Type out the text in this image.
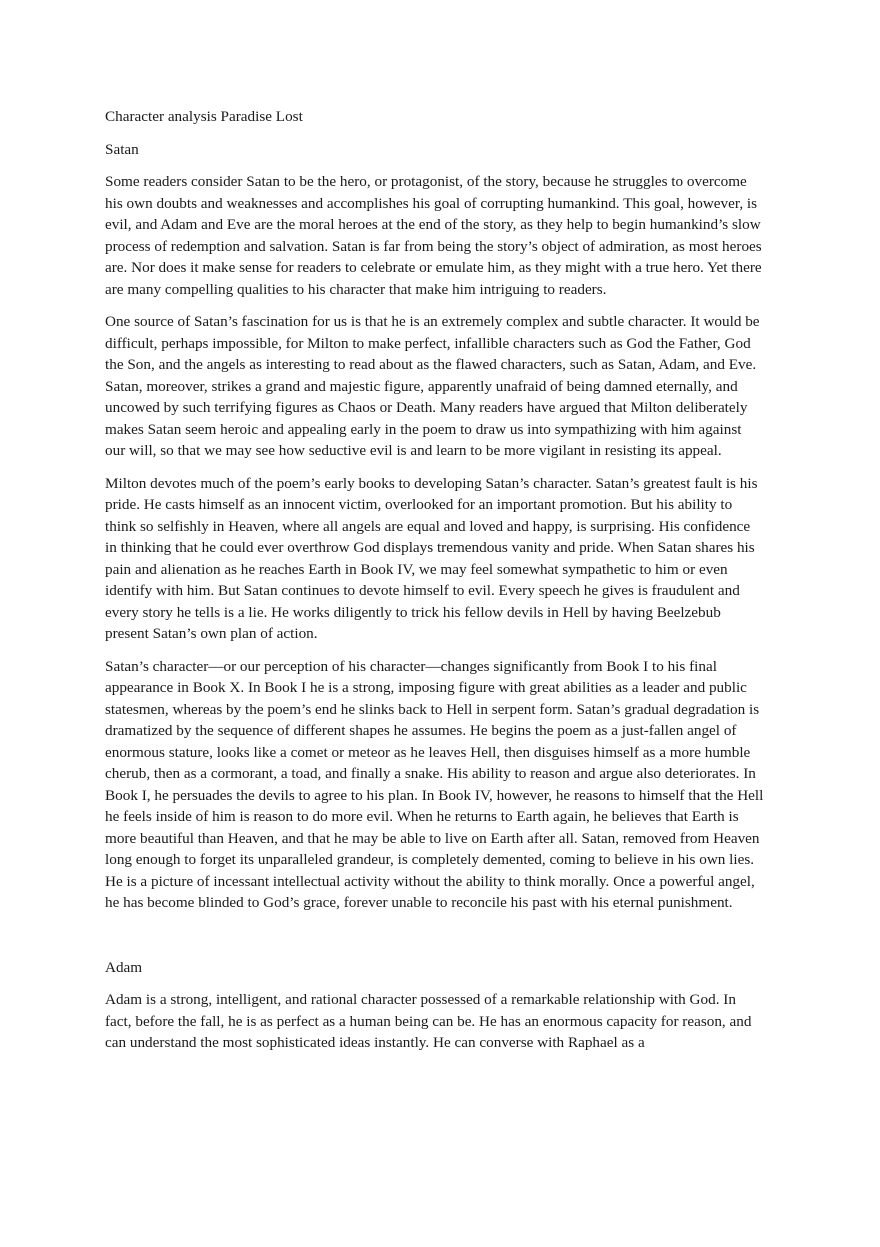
Character analysis Paradise Lost

Satan

Some readers consider Satan to be the hero, or protagonist, of the story, because he struggles to overcome his own doubts and weaknesses and accomplishes his goal of corrupting humankind. This goal, however, is evil, and Adam and Eve are the moral heroes at the end of the story, as they help to begin humankind’s slow process of redemption and salvation. Satan is far from being the story’s object of admiration, as most heroes are. Nor does it make sense for readers to celebrate or emulate him, as they might with a true hero. Yet there are many compelling qualities to his character that make him intriguing to readers.

One source of Satan’s fascination for us is that he is an extremely complex and subtle character. It would be difficult, perhaps impossible, for Milton to make perfect, infallible characters such as God the Father, God the Son, and the angels as interesting to read about as the flawed characters, such as Satan, Adam, and Eve. Satan, moreover, strikes a grand and majestic figure, apparently unafraid of being damned eternally, and uncowed by such terrifying figures as Chaos or Death. Many readers have argued that Milton deliberately makes Satan seem heroic and appealing early in the poem to draw us into sympathizing with him against our will, so that we may see how seductive evil is and learn to be more vigilant in resisting its appeal.

Milton devotes much of the poem’s early books to developing Satan’s character. Satan’s greatest fault is his pride. He casts himself as an innocent victim, overlooked for an important promotion. But his ability to think so selfishly in Heaven, where all angels are equal and loved and happy, is surprising. His confidence in thinking that he could ever overthrow God displays tremendous vanity and pride. When Satan shares his pain and alienation as he reaches Earth in Book IV, we may feel somewhat sympathetic to him or even identify with him. But Satan continues to devote himself to evil. Every speech he gives is fraudulent and every story he tells is a lie. He works diligently to trick his fellow devils in Hell by having Beelzebub present Satan’s own plan of action.

Satan’s character—or our perception of his character—changes significantly from Book I to his final appearance in Book X. In Book I he is a strong, imposing figure with great abilities as a leader and public statesmen, whereas by the poem’s end he slinks back to Hell in serpent form. Satan’s gradual degradation is dramatized by the sequence of different shapes he assumes. He begins the poem as a just-fallen angel of enormous stature, looks like a comet or meteor as he leaves Hell, then disguises himself as a more humble cherub, then as a cormorant, a toad, and finally a snake. His ability to reason and argue also deteriorates. In Book I, he persuades the devils to agree to his plan. In Book IV, however, he reasons to himself that the Hell he feels inside of him is reason to do more evil. When he returns to Earth again, he believes that Earth is more beautiful than Heaven, and that he may be able to live on Earth after all. Satan, removed from Heaven long enough to forget its unparalleled grandeur, is completely demented, coming to believe in his own lies. He is a picture of incessant intellectual activity without the ability to think morally. Once a powerful angel, he has become blinded to God’s grace, forever unable to reconcile his past with his eternal punishment.

Adam

Adam is a strong, intelligent, and rational character possessed of a remarkable relationship with God. In fact, before the fall, he is as perfect as a human being can be. He has an enormous capacity for reason, and can understand the most sophisticated ideas instantly. He can converse with Raphael as a
